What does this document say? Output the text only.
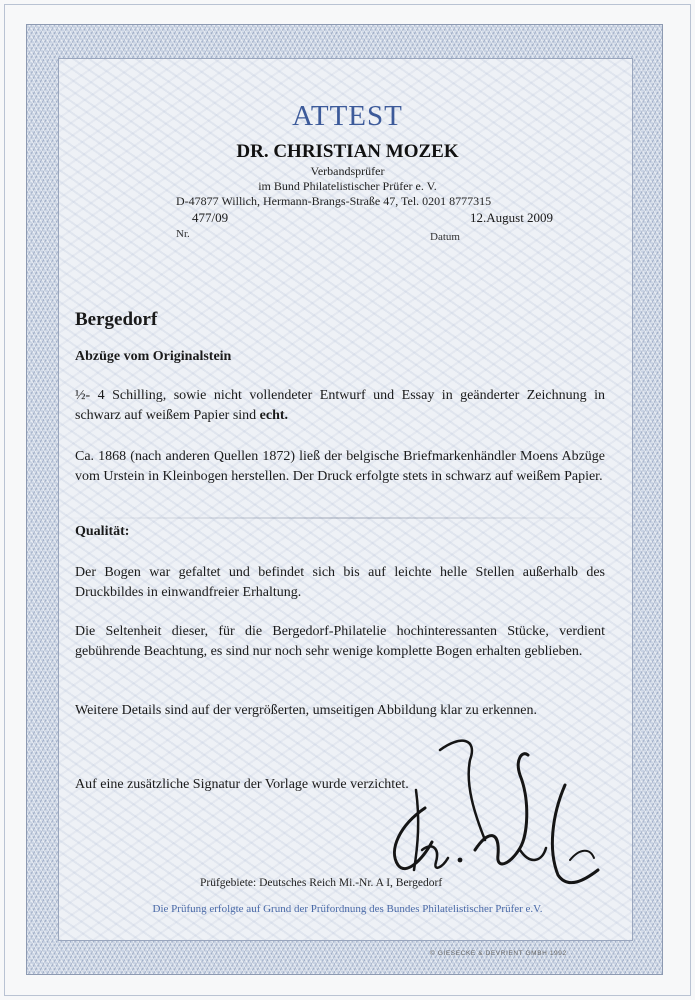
ATTEST
DR. CHRISTIAN MOZEK
Verbandsprüfer
im Bund Philatelistischer Prüfer e. V.
D-47877 Willich, Hermann-Brangs-Straße 47, Tel. 0201 8777315
477/09
Nr.
12.August 2009
Datum
Bergedorf
Abzüge vom Originalstein
½- 4 Schilling, sowie nicht vollendeter Entwurf und Essay in geänderter Zeichnung in schwarz auf weißem Papier sind echt.
Ca. 1868 (nach anderen Quellen 1872) ließ der belgische Briefmarkenhändler Moens Abzüge vom Urstein in Kleinbogen herstellen. Der Druck erfolgte stets in schwarz auf weißem Papier.
Qualität:
Der Bogen war gefaltet und befindet sich bis auf leichte helle Stellen außerhalb des Druckbildes in einwandfreier Erhaltung.
Die Seltenheit dieser, für die Bergedorf-Philatelie hochinteressanten Stücke, verdient gebührende Beachtung, es sind nur noch sehr wenige komplette Bogen erhalten geblieben.
Weitere Details sind auf der vergrößerten, umseitigen Abbildung klar zu erkennen.
Auf eine zusätzliche Signatur der Vorlage wurde verzichtet.
Prüfgebiete: Deutsches Reich Mi.-Nr. A I, Bergedorf
Die Prüfung erfolgte auf Grund der Prüfordnung des Bundes Philatelistischer Prüfer e.V.
© GIESECKE & DEVRIENT GMBH 1992
